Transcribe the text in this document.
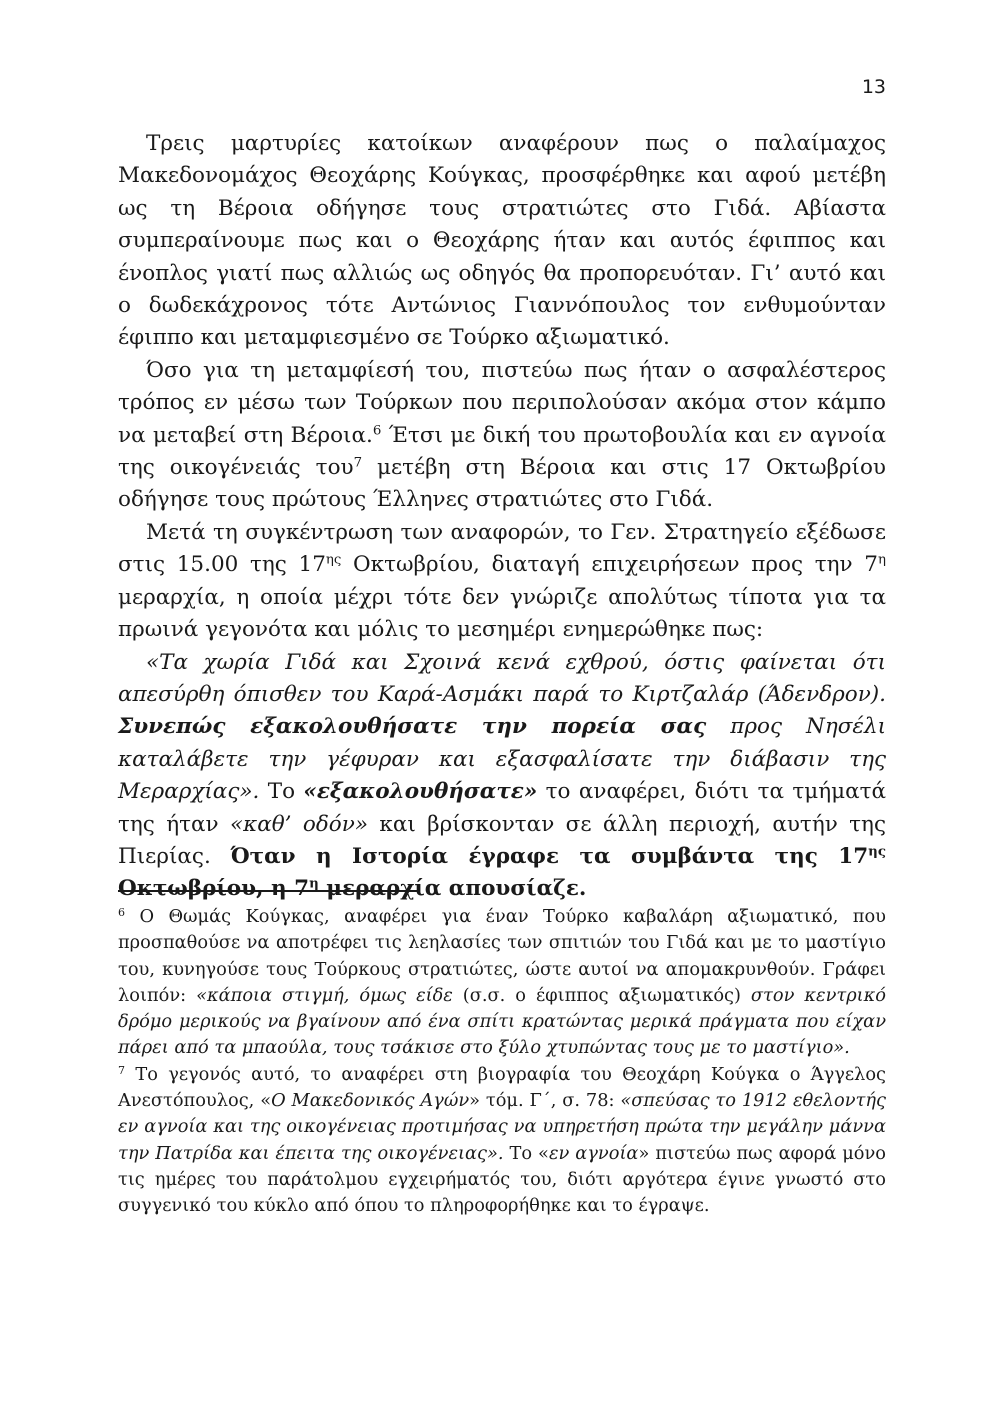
13

Τρεις μαρτυρίες κατοίκων αναφέρουν πως ο παλαίμαχος Μακεδονομάχος Θεοχάρης Κούγκας, προσφέρθηκε και αφού μετέβη ως τη Βέροια οδήγησε τους στρατιώτες στο Γιδά. Αβίαστα συμπεραίνουμε πως και ο Θεοχάρης ήταν και αυτός έφιππος και ένοπλος γιατί πως αλλιώς ως οδηγός θα προπορευόταν. Γι’ αυτό και ο δωδεκάχρονος τότε Αντώνιος Γιαννόπουλος τον ενθυμούνταν έφιππο και μεταμφιεσμένο σε Τούρκο αξιωματικό.

Όσο για τη μεταμφίεσή του, πιστεύω πως ήταν ο ασφαλέστερος τρόπος εν μέσω των Τούρκων που περιπολούσαν ακόμα στον κάμπο να μεταβεί στη Βέροια.$^6$ Έτσι με δική του πρωτοβουλία και εν αγνοία της οικογένειάς του$^7$ μετέβη στη Βέροια και στις 17 Οκτωβρίου οδήγησε τους πρώτους Έλληνες στρατιώτες στο Γιδά.

Μετά τη συγκέντρωση των αναφορών, το Γεν. Στρατηγείο εξέδωσε στις 15.00 της $17^{\eta\varsigma}$ Οκτωβρίου, διαταγή επιχειρήσεων προς την $7^\eta$ μεραρχία, η οποία μέχρι τότε δεν γνώριζε απολύτως τίποτα για τα πρωινά γεγονότα και μόλις το μεσημέρι ενημερώθηκε πως:

«Τα χωρία Γιδά και Σχοινά κενά εχθρού, όστις φαίνεται ότι απεσύρθη όπισθεν του Καρά-Ασμάκι παρά το Κιρτζαλάρ (Άδενδρον). Συνεπώς εξακολουθήσατε την πορεία σας προς Νησέλι καταλάβετε την γέφυραν και εξασφαλίσατε την διάβασιν της Μεραρχίας». Το «εξακολουθήσατε» το αναφέρει, διότι τα τμήματά της ήταν «καθ’ οδόν» και βρίσκονταν σε άλλη περιοχή, αυτήν της Πιερίας. Όταν η Ιστορία έγραφε τα συμβάντα της $17^{\eta\varsigma}$ Οκτωβρίου, η $7^\eta$ μεραρχία απουσίαζε.

$^6$ Ο Θωμάς Κούγκας, αναφέρει για έναν Τούρκο καβαλάρη αξιωματικό, που προσπαθούσε να αποτρέφει τις λεηλασίες των σπιτιών του Γιδά και με το μαστίγιο του, κυνηγούσε τους Τούρκους στρατιώτες, ώστε αυτοί να απομακρυνθούν. Γράφει λοιπόν: «κάποια στιγμή, όμως είδε (σ.σ. ο έφιππος αξιωματικός) στον κεντρικό δρόμο μερικούς να βγαίνουν από ένα σπίτι κρατώντας μερικά πράγματα που είχαν πάρει από τα μπαούλα, τους τσάκισε στο ξύλο χτυπώντας τους με το μαστίγιο».

$^7$ Το γεγονός αυτό, το αναφέρει στη βιογραφία του Θεοχάρη Κούγκα ο Άγγελος Ανεστόπουλος, «Ο Μακεδονικός Αγών» τόμ. Γ΄, σ. 78: «σπεύσας το 1912 εθελοντής εν αγνοία και της οικογένειας προτιμήσας να υπηρετήση πρώτα την μεγάλην μάννα την Πατρίδα και έπειτα της οικογένειας». Το «εν αγνοία» πιστεύω πως αφορά μόνο τις ημέρες του παράτολμου εγχειρήματός του, διότι αργότερα έγινε γνωστό στο συγγενικό του κύκλο από όπου το πληροφορήθηκε και το έγραψε.
